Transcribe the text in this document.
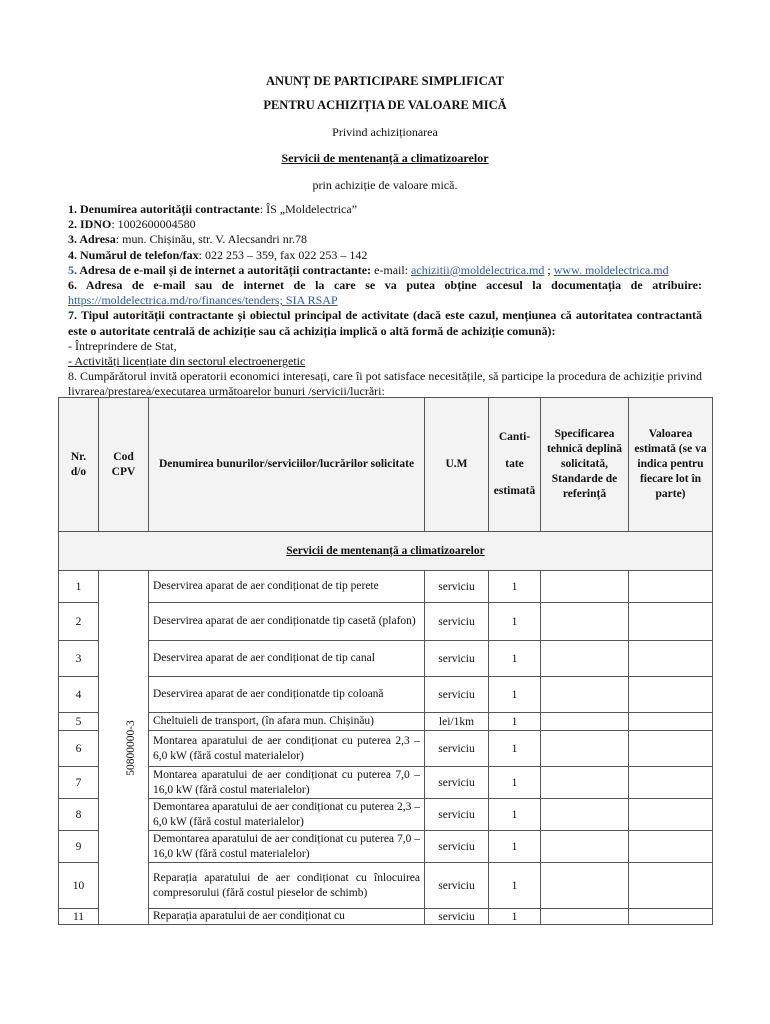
ANUNȚ DE PARTICIPARE SIMPLIFICAT
PENTRU ACHIZIȚIA DE VALOARE MICĂ
Privind achiziționarea
Servicii de mentenanță a climatizoarelor
prin achiziție de valoare mică.

1. Denumirea autorității contractante: ÎS „Moldelectrica”

2. IDNO: 1002600004580

3. Adresa: mun. Chișinău, str. V. Alecsandri nr.78

4. Numărul de telefon/fax: 022 253 – 359, fax 022 253 – 142

5. Adresa de e-mail și de internet a autorității contractante: e-mail: achizitii@moldelectrica.md ; www. moldelectrica.md

6. Adresa de e-mail sau de internet de la care se va putea obține accesul la documentația de atribuire: https://moldelectrica.md/ro/finances/tenders; SIA RSAP

7. Tipul autorității contractante și obiectul principal de activitate (dacă este cazul, mențiunea că autoritatea contractantă este o autoritate centrală de achiziție sau că achiziția implică o altă formă de achiziție comună):

- Întreprindere de Stat,

- Activități licențiate din sectorul electroenergetic

8. Cumpărătorul invită operatorii economici interesați, care îi pot satisface necesitățile, să participe la procedura de achiziție privind livrarea/prestarea/executarea următoarelor bunuri /servicii/lucrări:

Nr. d/o	Cod CPV	Denumirea bunurilor/serviciilor/lucrărilor solicitate	U.M	Canti-
tate
estimată	Specificarea tehnică deplină solicitată, Standarde de referință	Valoarea estimată (se va indica pentru fiecare lot în parte)
Servicii de mentenanță a climatizoarelor						
1	50800000-3	Deservirea aparat de aer condiționat de tip perete	serviciu	1		
2		Deservirea aparat de aer condiționatde tip casetă (plafon)	serviciu	1		
3		Deservirea aparat de aer condiționat de tip canal	serviciu	1		
4		Deservirea aparat de aer condiționatde tip coloană	serviciu	1		
5		Cheltuieli de transport, (în afara mun. Chișinău)	lei/1km	1		
6		Montarea aparatului de aer condiționat cu puterea 2,3 – 6,0 kW (fără costul materialelor)	serviciu	1		
7		Montarea aparatului de aer condiționat cu puterea 7,0 – 16,0 kW (fără costul materialelor)	serviciu	1		
8		Demontarea aparatului de aer condiționat cu puterea 2,3 – 6,0 kW (fără costul materialelor)	serviciu	1		
9		Demontarea aparatului de aer condiționat cu puterea 7,0 – 16,0 kW (fără costul materialelor)	serviciu	1		
10		Reparația aparatului de aer condiționat cu înlocuirea compresorului (fără costul pieselor de schimb)	serviciu	1		
11		Reparația aparatului de aer condiționat cu	serviciu	1		
